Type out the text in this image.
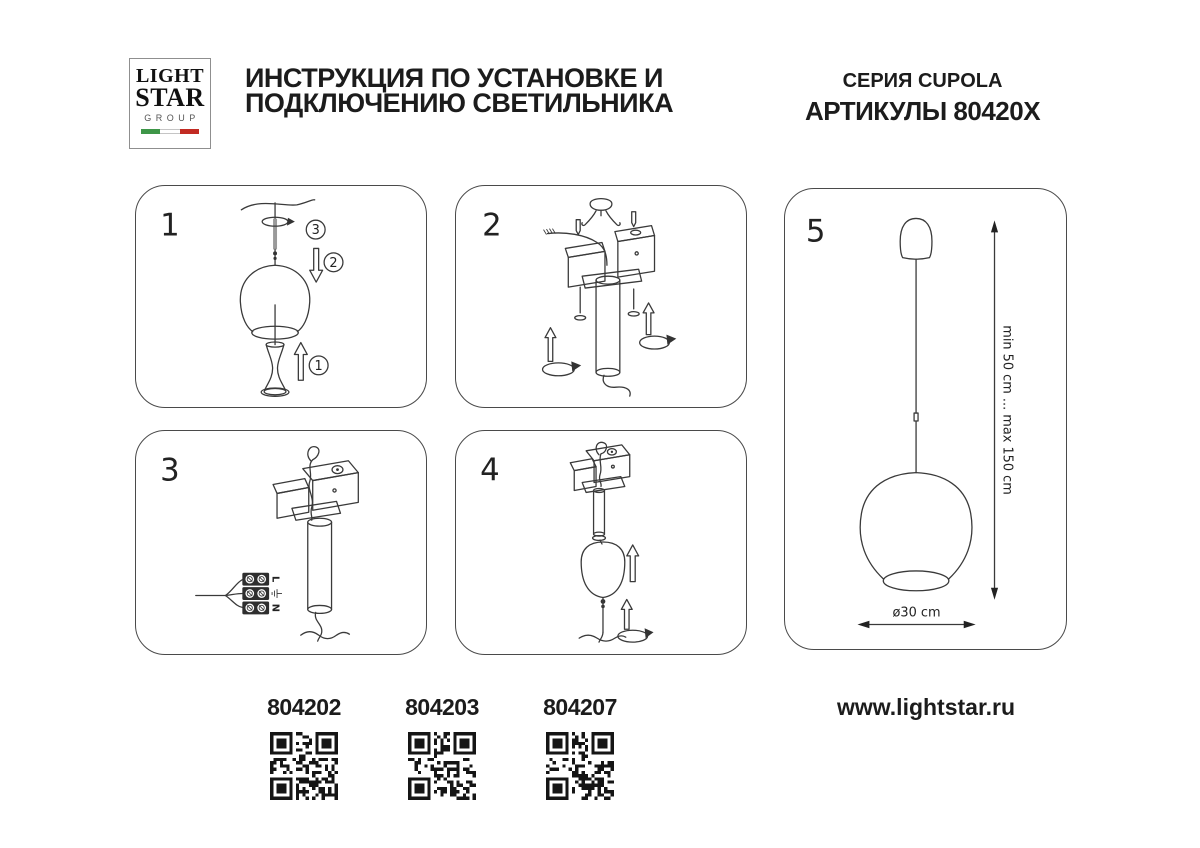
LIGHT
STAR
GROUP
ИНСТРУКЦИЯ ПО УСТАНОВКЕ И
ПОДКЛЮЧЕНИЮ СВЕТИЛЬНИКА
СЕРИЯ CUPOLA
АРТИКУЛЫ 80420X
1	3
2
1
2
3
L
N
4
5
min 50 cm ... max 150 cm
ø30 cm
804202	804203	804207	www.lightstar.ru
